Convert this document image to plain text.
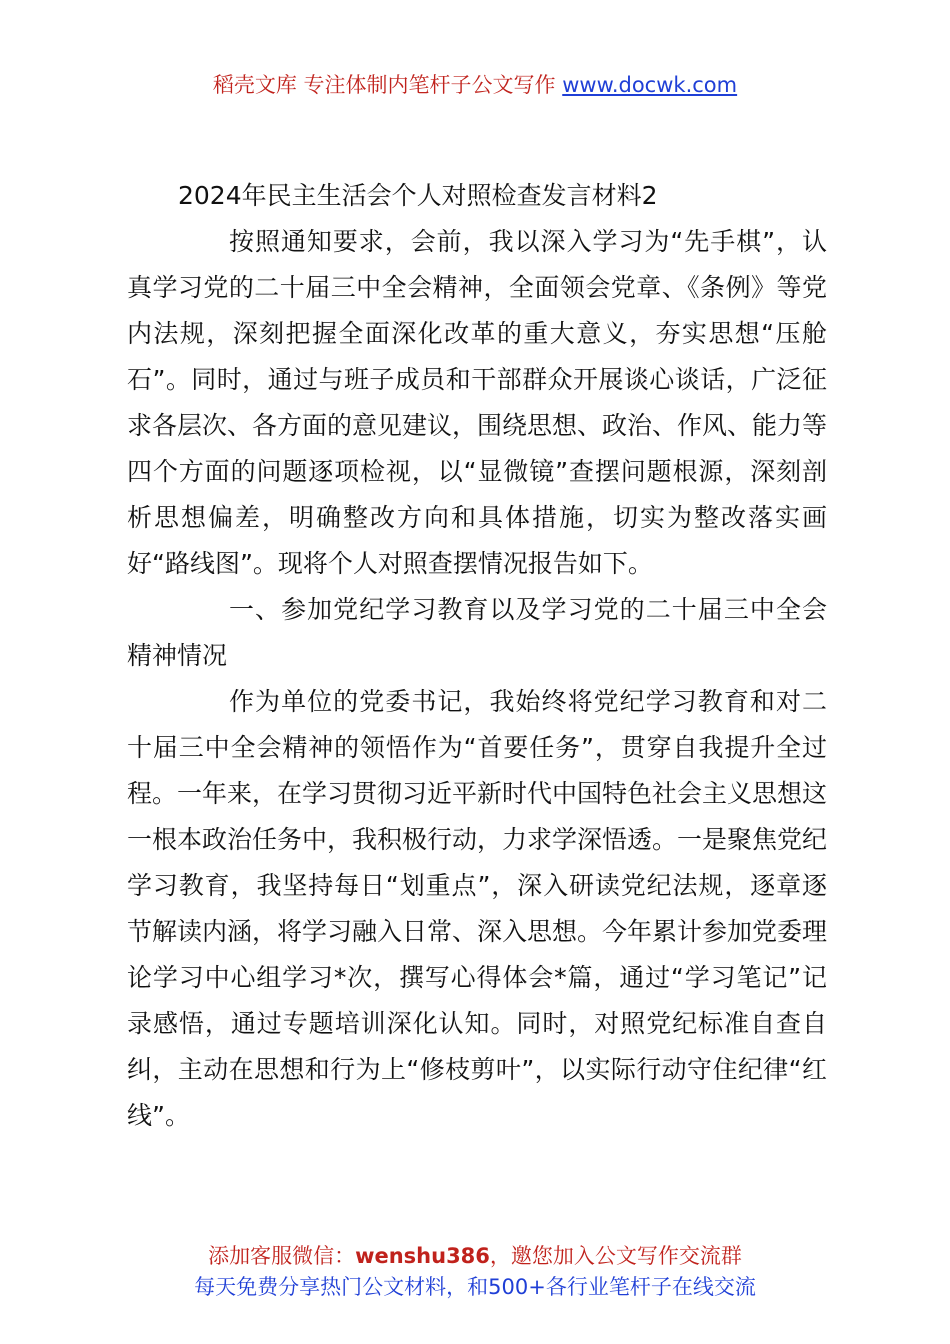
稻壳文库 专注体制内笔杆子公文写作 www.docwk.com
2024年民主生活会个人对照检查发言材料2

按照通知要求，会前，我以深入学习为“先手棋”，认真学习党的二十届三中全会精神，全面领会党章、《条例》等党内法规，深刻把握全面深化改革的重大意义，夯实思想“压舱石”。同时，通过与班子成员和干部群众开展谈心谈话，广泛征求各层次、各方面的意见建议，围绕思想、政治、作风、能力等四个方面的问题逐项检视，以“显微镜”查摆问题根源，深刻剖析思想偏差，明确整改方向和具体措施，切实为整改落实画好“路线图”。现将个人对照查摆情况报告如下。

一、参加党纪学习教育以及学习党的二十届三中全会精神情况

作为单位的党委书记，我始终将党纪学习教育和对二十届三中全会精神的领悟作为“首要任务”，贯穿自我提升全过程。一年来，在学习贯彻习近平新时代中国特色社会主义思想这一根本政治任务中，我积极行动，力求学深悟透。一是聚焦党纪学习教育，我坚持每日“划重点”，深入研读党纪法规，逐章逐节解读内涵，将学习融入日常、深入思想。今年累计参加党委理论学习中心组学习*次，撰写心得体会*篇，通过“学习笔记”记录感悟，通过专题培训深化认知。同时，对照党纪标准自查自纠，主动在思想和行为上“修枝剪叶”，以实际行动守住纪律“红线”。

添加客服微信：wenshu386，邀您加入公文写作交流群
每天免费分享热门公文材料，和500+各行业笔杆子在线交流
